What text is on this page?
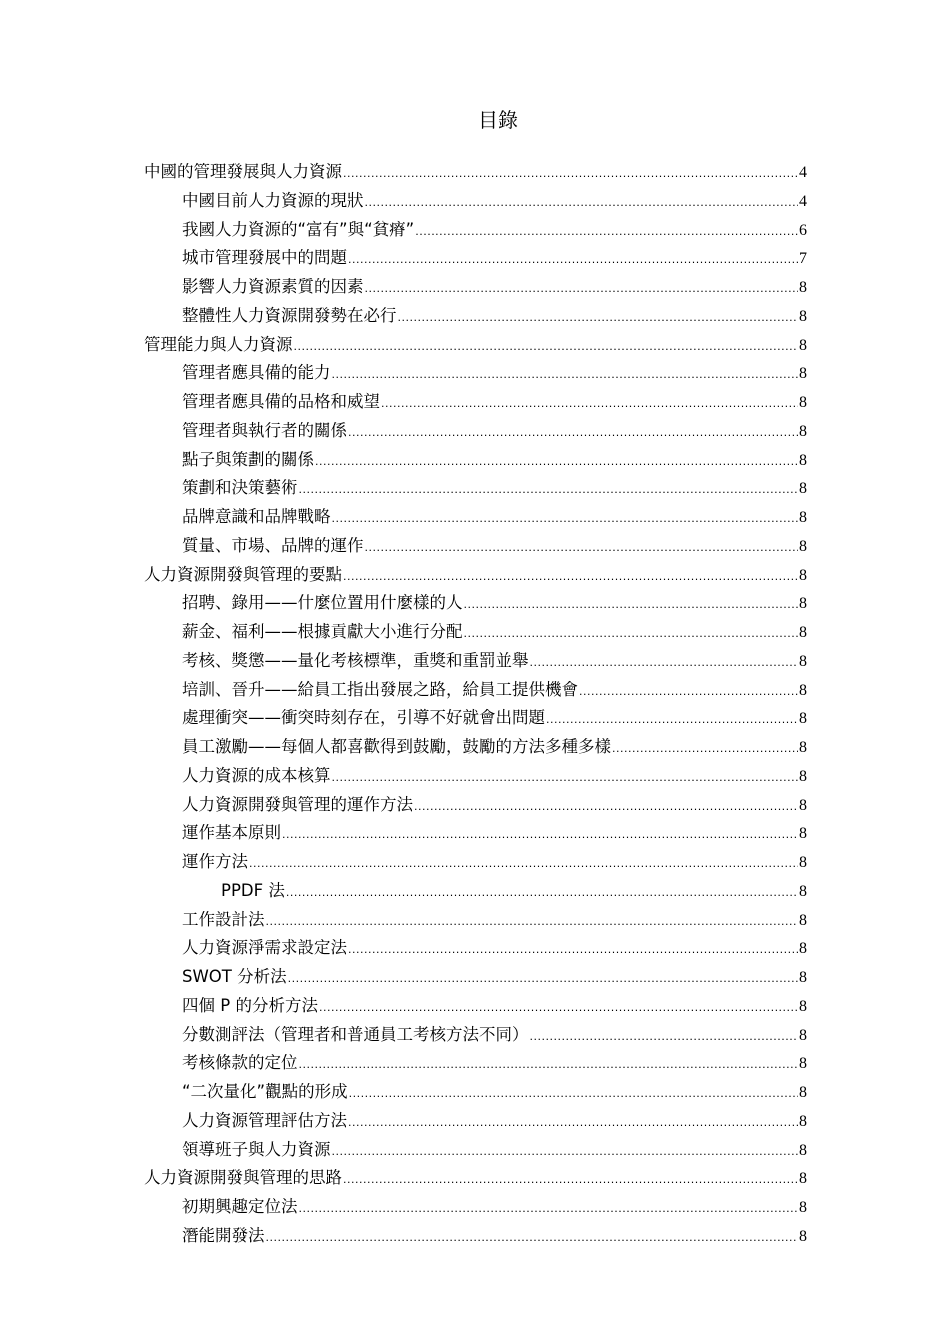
目錄
中國的管理發展與人力資源 .....	4
中國目前人力資源的現狀 .....	4
我國人力資源的“富有”與“貧瘠” .....	6
城市管理發展中的問題 .....	7
影響人力資源素質的因素 .....	8
整體性人力資源開發勢在必行 .....	8
管理能力與人力資源 .....	8
管理者應具備的能力 .....	8
管理者應具備的品格和威望 .....	8
管理者與執行者的關係 .....	8
點子與策劃的關係 .....	8
策劃和決策藝術 .....	8
品牌意識和品牌戰略 .....	8
質量、市場、品牌的運作 .....	8
人力資源開發與管理的要點 .....	8
招聘、錄用——什麼位置用什麼樣的人 .....	8
薪金、福利——根據貢獻大小進行分配 .....	8
考核、獎懲——量化考核標準，重獎和重罰並舉 .....	8
培訓、晉升——給員工指出發展之路，給員工提供機會 .....	8
處理衝突——衝突時刻存在，引導不好就會出問題 .....	8
員工激勵——每個人都喜歡得到鼓勵，鼓勵的方法多種多樣 .....	8
人力資源的成本核算 .....	8
人力資源開發與管理的運作方法 .....	8
運作基本原則 .....	8
運作方法 .....	8
PPDF 法 .....	8
工作設計法 .....	8
人力資源淨需求設定法 .....	8
SWOT 分析法 .....	8
四個 P 的分析方法 .....	8
分數測評法（管理者和普通員工考核方法不同） .....	8
考核條款的定位 .....	8
“二次量化”觀點的形成 .....	8
人力資源管理評估方法 .....	8
領導班子與人力資源 .....	8
人力資源開發與管理的思路 .....	8
初期興趣定位法 .....	8
潛能開發法 .....	8
